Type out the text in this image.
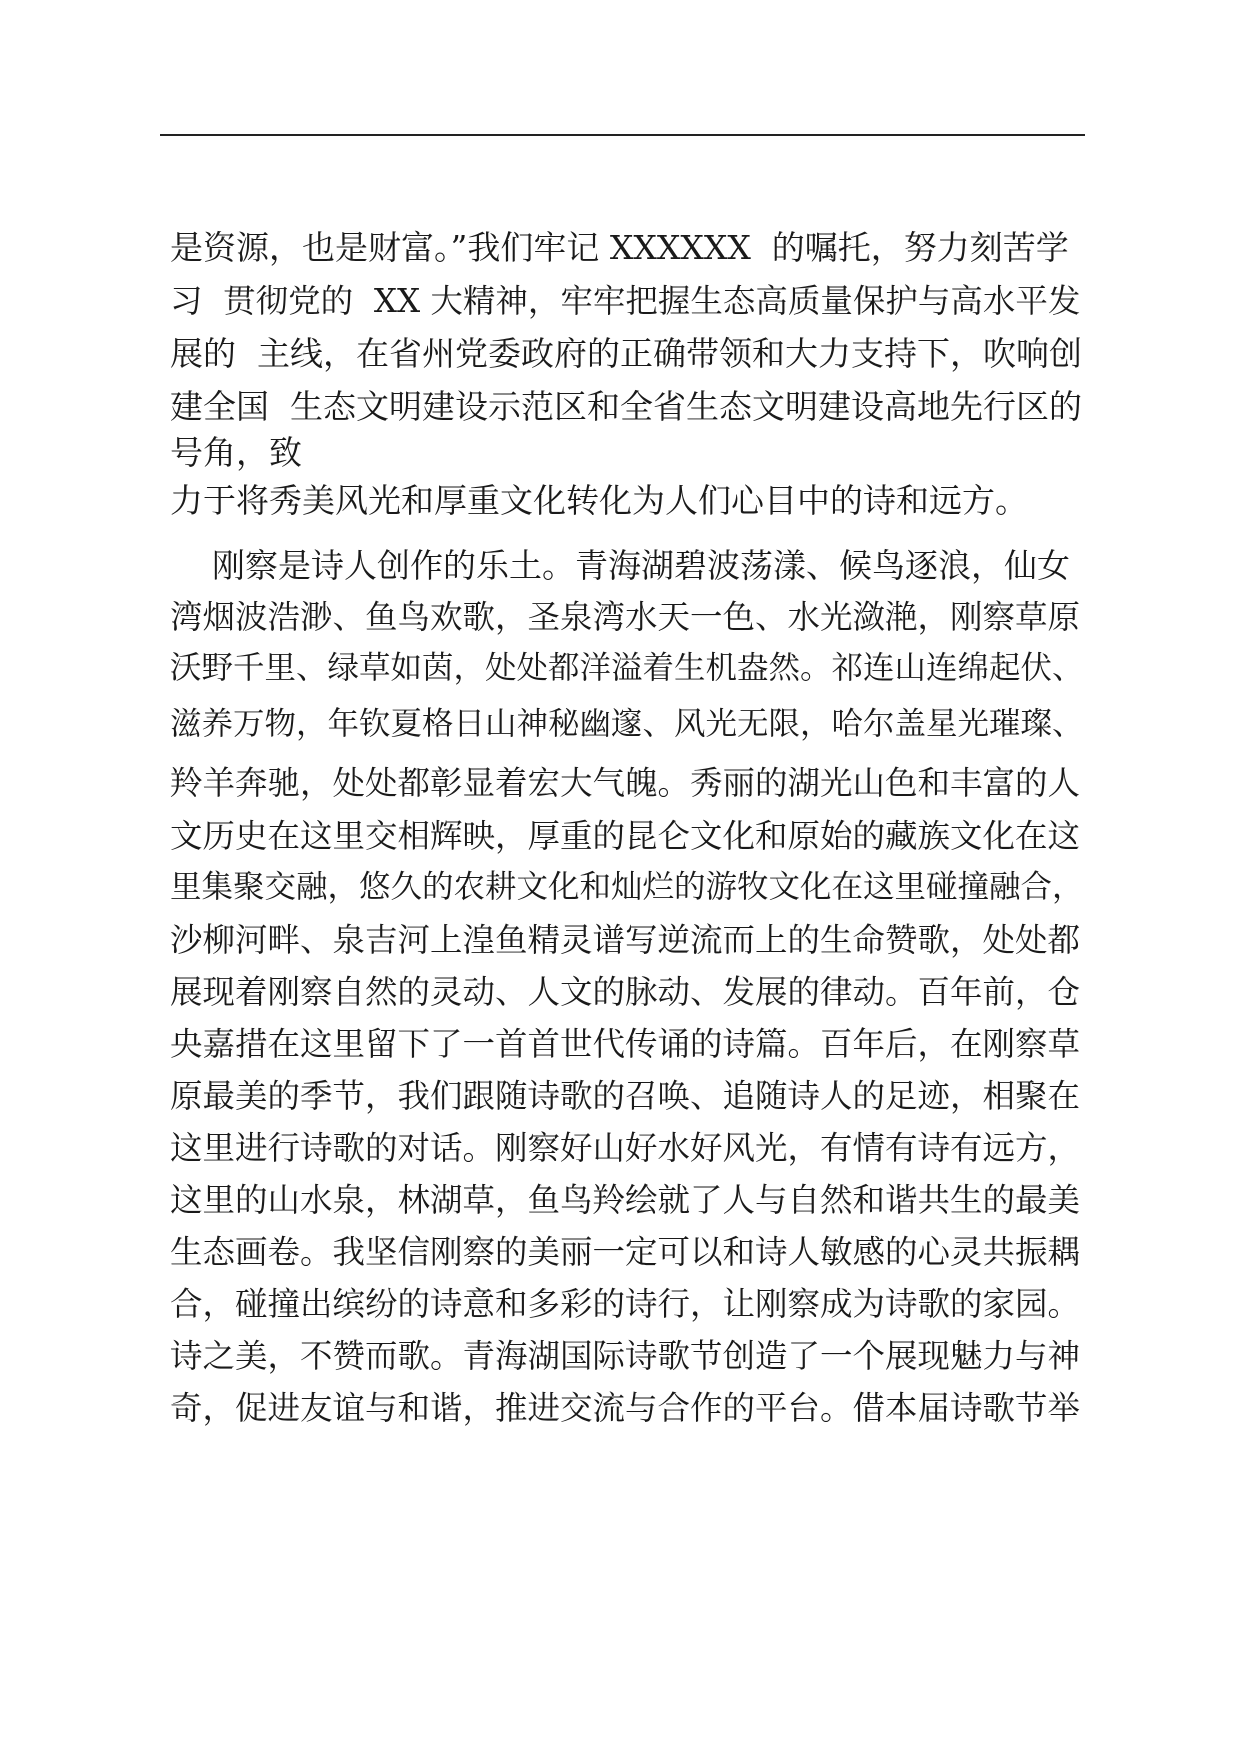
是资源，也是财富。”我们牢记 XXXXXX  的嘱托，努力刻苦学

习  贯彻党的  XX 大精神，牢牢把握生态高质量保护与高水平发

展的  主线，在省州党委政府的正确带领和大力支持下，吹响创

建全国  生态文明建设示范区和全省生态文明建设高地先行区的

号角，致

力于将秀美风光和厚重文化转化为人们心目中的诗和远方。

刚察是诗人创作的乐土。青海湖碧波荡漾、候鸟逐浪，仙女

湾烟波浩渺、鱼鸟欢歌，圣泉湾水天一色、水光潋滟，刚察草原

沃野千里、绿草如茵，处处都洋溢着生机盎然。祁连山连绵起伏、

滋养万物，年钦夏格日山神秘幽邃、风光无限，哈尔盖星光璀璨、

羚羊奔驰，处处都彰显着宏大气魄。秀丽的湖光山色和丰富的人

文历史在这里交相辉映，厚重的昆仑文化和原始的藏族文化在这

里集聚交融，悠久的农耕文化和灿烂的游牧文化在这里碰撞融合，

沙柳河畔、泉吉河上湟鱼精灵谱写逆流而上的生命赞歌，处处都

展现着刚察自然的灵动、人文的脉动、发展的律动。百年前，仓

央嘉措在这里留下了一首首世代传诵的诗篇。百年后，在刚察草

原最美的季节，我们跟随诗歌的召唤、追随诗人的足迹，相聚在

这里进行诗歌的对话。刚察好山好水好风光，有情有诗有远方，

这里的山水泉，林湖草，鱼鸟羚绘就了人与自然和谐共生的最美

生态画卷。我坚信刚察的美丽一定可以和诗人敏感的心灵共振耦

合，碰撞出缤纷的诗意和多彩的诗行，让刚察成为诗歌的家园。

诗之美，不赞而歌。青海湖国际诗歌节创造了一个展现魅力与神

奇，促进友谊与和谐，推进交流与合作的平台。借本届诗歌节举
